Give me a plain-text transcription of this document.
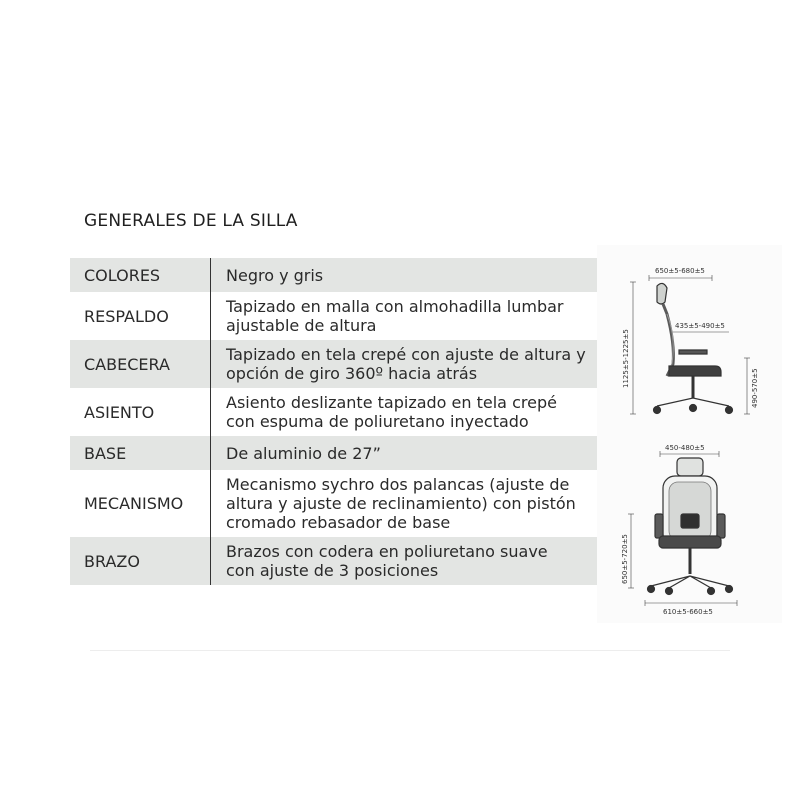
GENERALES DE LA SILLA
COLORES	Negro y gris
RESPALDO	Tapizado en malla con almohadilla lumbar
ajustable de altura
CABECERA	Tapizado en tela crepé con ajuste de altura y
opción de giro 360º hacia atrás
ASIENTO	Asiento deslizante tapizado en tela crepé
con espuma de poliuretano inyectado
BASE	De aluminio de 27”
MECANISMO
Mecanismo sychro dos palancas (ajuste de
altura y ajuste de reclinamiento) con pistón
cromado rebasador de base
BRAZO	Brazos con codera en poliuretano suave
con ajuste de 3 posiciones
650±5-680±5
1125±5-1225±5
435±5-490±5
490-570±5
450-480±5
650±5-720±5
610±5-660±5
